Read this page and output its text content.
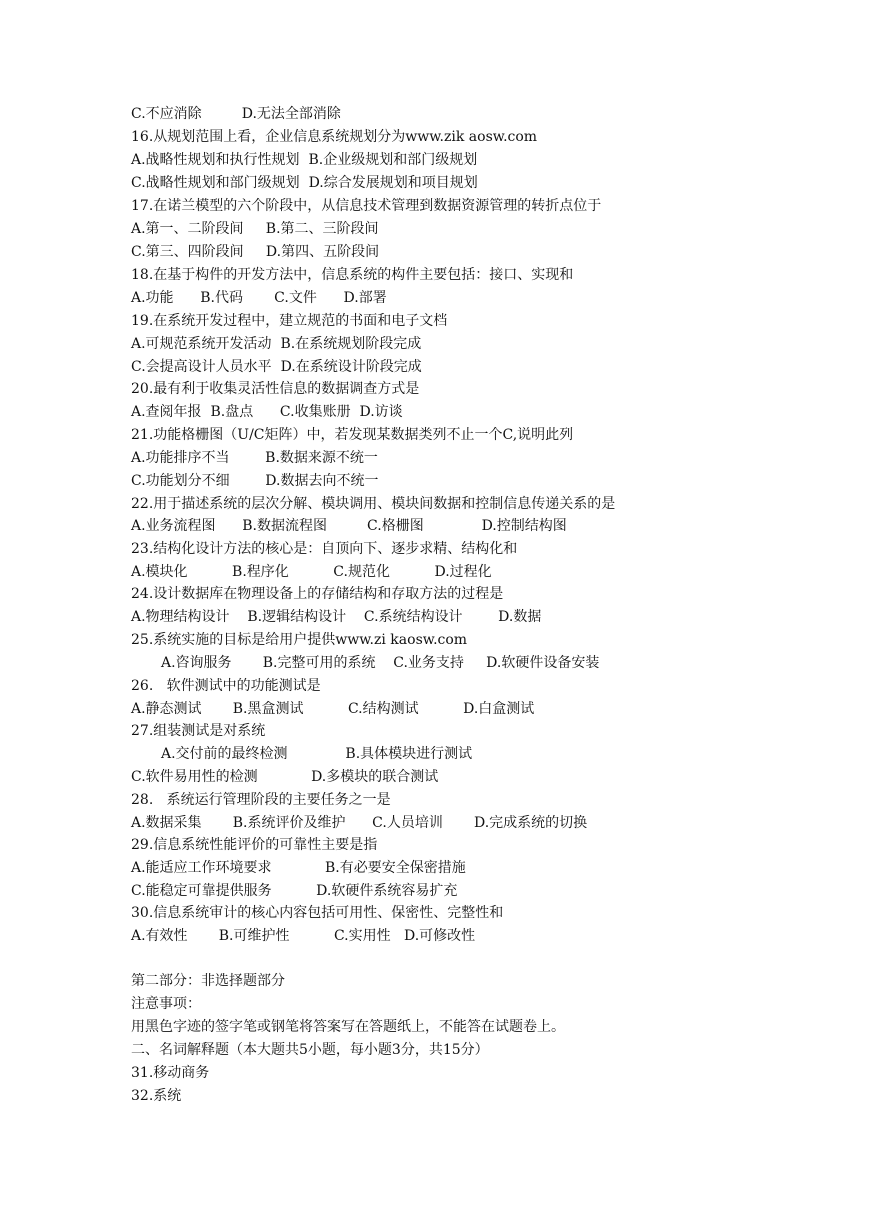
C.不应消除         D.无法全部消除
16.从规划范围上看，企业信息系统规划分为www.zik aosw.com
A.战略性规划和执行性规划  B.企业级规划和部门级规划
C.战略性规划和部门级规划  D.综合发展规划和项目规划
17.在诺兰模型的六个阶段中，从信息技术管理到数据资源管理的转折点位于
A.第一、二阶段间     B.第二、三阶段间
C.第三、四阶段间     D.第四、五阶段间
18.在基于构件的开发方法中，信息系统的构件主要包括：接口、实现和
A.功能      B.代码       C.文件      D.部署
19.在系统开发过程中，建立规范的书面和电子文档
A.可规范系统开发活动  B.在系统规划阶段完成
C.会提高设计人员水平  D.在系统设计阶段完成
20.最有利于收集灵活性信息的数据调查方式是
A.查阅年报  B.盘点      C.收集账册  D.访谈
21.功能格栅图（U/C矩阵）中，若发现某数据类列不止一个C,说明此列
A.功能排序不当        B.数据来源不统一
C.功能划分不细        D.数据去向不统一
22.用于描述系统的层次分解、模块调用、模块间数据和控制信息传递关系的是
A.业务流程图      B.数据流程图         C.格栅图             D.控制结构图
23.结构化设计方法的核心是：自顶向下、逐步求精、结构化和
A.模块化          B.程序化          C.规范化          D.过程化
24.设计数据库在物理设备上的存储结构和存取方法的过程是
A.物理结构设计    B.逻辑结构设计    C.系统结构设计        D.数据
25.系统实施的目标是给用户提供www.zi kaosw.com
A.咨询服务       B.完整可用的系统    C.业务支持     D.软硬件设备安装
26.   软件测试中的功能测试是
A.静态测试       B.黑盒测试          C.结构测试          D.白盒测试
27.组装测试是对系统
A.交付前的最终检测             B.具体模块进行测试
C.软件易用性的检测            D.多模块的联合测试
28.   系统运行管理阶段的主要任务之一是
A.数据采集       B.系统评价及维护      C.人员培训       D.完成系统的切换
29.信息系统性能评价的可靠性主要是指
A.能适应工作环境要求            B.有必要安全保密措施
C.能稳定可靠提供服务          D.软硬件系统容易扩充
30.信息系统审计的核心内容包括可用性、保密性、完整性和
A.有效性       B.可维护性          C.实用性   D.可修改性
第二部分：非选择题部分
注意事项：
用黑色字迹的签字笔或钢笔将答案写在答题纸上，不能答在试题卷上。
二、名词解释题（本大题共5小题，每小题3分，共15分）
31.移动商务
32.系统
